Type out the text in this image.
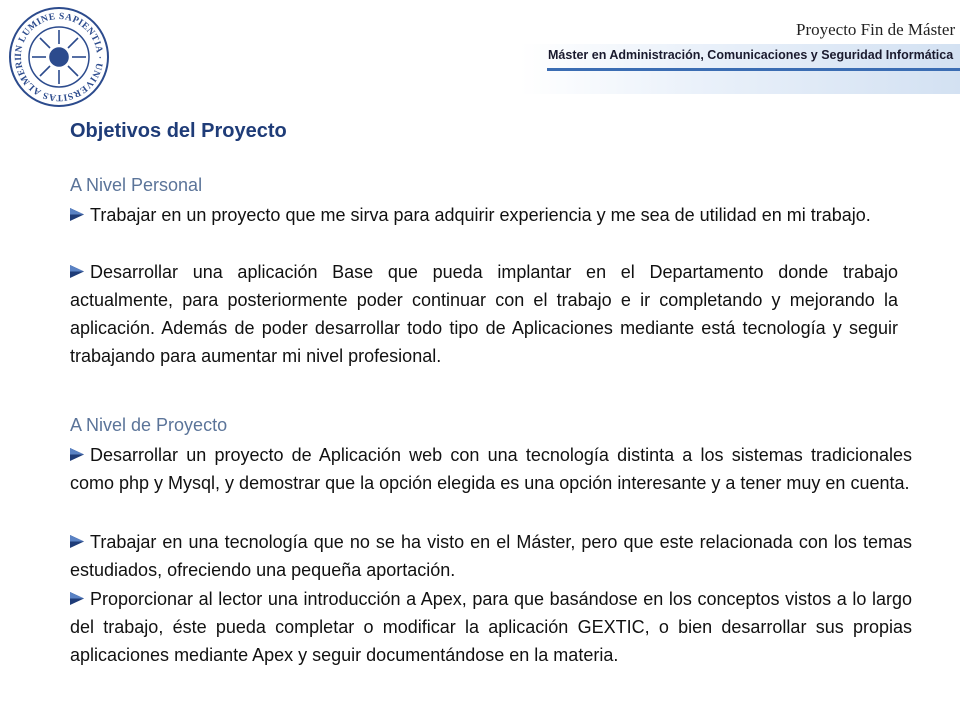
IN LUMINE SAPIENTIA · UNIVERSITAS ALMERI
Proyecto Fin de Máster
Máster en Administración, Comunicaciones y Seguridad Informática
Objetivos del Proyecto
A Nivel Personal

Trabajar en un proyecto que me sirva para adquirir experiencia y me sea de utilidad en mi trabajo.

Desarrollar una aplicación Base que pueda implantar en el Departamento donde trabajo actualmente, para posteriormente poder continuar con el trabajo e ir completando y mejorando la aplicación. Además de poder desarrollar todo tipo de Aplicaciones mediante está tecnología y seguir trabajando para aumentar mi nivel profesional.

A Nivel de Proyecto

Desarrollar un proyecto de Aplicación web con una tecnología distinta a los sistemas tradicionales como php y Mysql, y demostrar que la opción elegida es una opción interesante y a tener muy en cuenta.

Trabajar en una tecnología que no se ha visto en el Máster, pero que este relacionada con los temas estudiados, ofreciendo una pequeña aportación.

Proporcionar al lector una introducción a Apex, para que basándose en los conceptos vistos a lo largo del trabajo, éste pueda completar o modificar la aplicación GEXTIC, o bien desarrollar sus propias aplicaciones mediante Apex y seguir documentándose en la materia.
